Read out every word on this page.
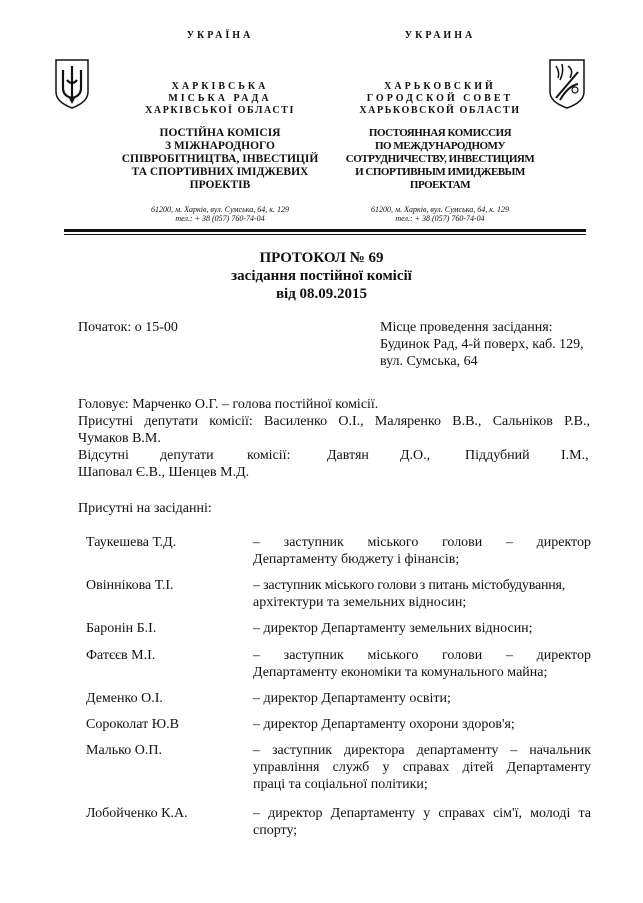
УКРАЇНА
ХАРКІВСЬКА
МІСЬКА РАДА
ХАРКІВСЬКОЇ ОБЛАСТІ
ПОСТІЙНА КОМІСІЯ
З МІЖНАРОДНОГО
СПІВРОБІТНИЦТВА, ІНВЕСТИЦІЙ
ТА СПОРТИВНИХ ІМІДЖЕВИХ
ПРОЕКТІВ
61200, м. Харків, вул. Сумська, 64, к. 129
тел.: + 38 (057) 760-74-04
УКРАИНА
ХАРЬКОВСКИЙ
ГОРОДСКОЙ СОВЕТ
ХАРЬКОВСКОЙ ОБЛАСТИ
ПОСТОЯННАЯ КОМИССИЯ
ПО МЕЖДУНАРОДНОМУ
СОТРУДНИЧЕСТВУ, ИНВЕСТИЦИЯМ
И СПОРТИВНЫМ ИМИДЖЕВЫМ
ПРОЕКТАМ
61200, м. Харків, вул. Сумська, 64, к. 129
тел.: + 38 (057) 760-74-04
ПРОТОКОЛ № 69
засідання постійної комісії
від 08.09.2015
Початок: о 15-00	Місце проведення засідання:
Будинок Рад, 4-й поверх, каб. 129,
вул. Сумська, 64
Головує: Марченко О.Г. – голова постійної комісії.
Присутні депутати комісії: Василенко О.І., Маляренко В.В., Сальніков Р.В.,
Чумаков В.М.
Відсутні депутати комісії:	Давтян Д.О., Піддубний І.М.,
Шаповал Є.В., Шенцев М.Д.
Присутні на засіданні:
Таукешева Т.Д.	– заступник міського голови – директор
Департаменту бюджету і фінансів;
Овіннікова Т.І.	– заступник міського голови з питань містобудування,
архітектури та земельних відносин;
Баронін Б.І.	– директор Департаменту земельних відносин;
Фатєєв М.І.	– заступник міського голови – директор
Департаменту економіки та комунального майна;
Деменко О.І.	– директор Департаменту освіти;
Сороколат Ю.В	– директор Департаменту охорони здоров'я;
Малько О.П.	– заступник директора департаменту – начальник
управління служб у справах дітей Департаменту
праці та соціальної політики;
Лобойченко К.А.	– директор Департаменту у справах сім'ї, молоді та
спорту;
